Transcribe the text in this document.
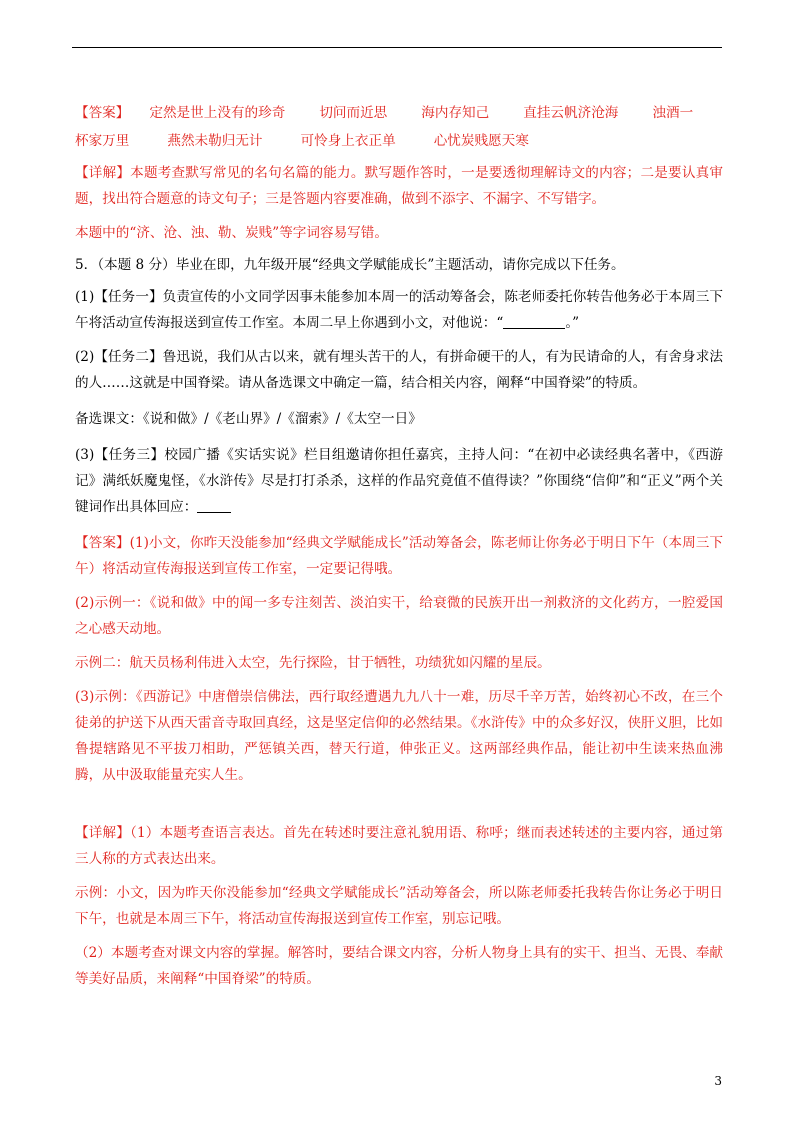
【答案】 定然是世上没有的珍奇	切问而近思	海内存知己	直挂云帆济沧海	浊酒一
杯家万里	燕然未勒归无计	可怜身上衣正单	心忧炭贱愿天寒

【详解】本题考查默写常见的名句名篇的能力。默写题作答时，一是要透彻理解诗文的内容；二是要认真审题，找出符合题意的诗文句子；三是答题内容要准确，做到不添字、不漏字、不写错字。

本题中的“济、沧、浊、勒、炭贱”等字词容易写错。

5．（本题 8 分）毕业在即，九年级开展“经典文学赋能成长”主题活动，请你完成以下任务。

(1)【任务一】负责宣传的小文同学因事未能参加本周一的活动筹备会，陈老师委托你转告他务必于本周三下午将活动宣传海报送到宣传工作室。本周二早上你遇到小文，对他说：“	。”

(2)【任务二】鲁迅说，我们从古以来，就有埋头苦干的人，有拼命硬干的人，有为民请命的人，有舍身求法的人……这就是中国脊梁。请从备选课文中确定一篇，结合相关内容，阐释“中国脊梁”的特质。

备选课文：《说和做》/《老山界》/《溜索》/《太空一日》

(3)【任务三】校园广播《实话实说》栏目组邀请你担任嘉宾，主持人问：“在初中必读经典名著中，《西游记》满纸妖魔鬼怪，《水浒传》尽是打打杀杀，这样的作品究竟值不值得读？”你围绕“信仰”和“正义”两个关键词作出具体回应：

【答案】(1)小文，你昨天没能参加“经典文学赋能成长”活动筹备会，陈老师让你务必于明日下午（本周三下午）将活动宣传海报送到宣传工作室，一定要记得哦。

(2)示例一：《说和做》中的闻一多专注刻苦、淡泊实干，给衰微的民族开出一剂救济的文化药方，一腔爱国之心感天动地。

示例二：航天员杨利伟进入太空，先行探险，甘于牺牲，功绩犹如闪耀的星辰。

(3)示例：《西游记》中唐僧崇信佛法，西行取经遭遇九九八十一难，历尽千辛万苦，始终初心不改，在三个徒弟的护送下从西天雷音寺取回真经，这是坚定信仰的必然结果。《水浒传》中的众多好汉，侠肝义胆，比如鲁提辖路见不平拔刀相助，严惩镇关西，替天行道，伸张正义。这两部经典作品，能让初中生读来热血沸腾，从中汲取能量充实人生。

【详解】（1）本题考查语言表达。首先在转述时要注意礼貌用语、称呼；继而表述转述的主要内容，通过第三人称的方式表达出来。

示例：小文，因为昨天你没能参加“经典文学赋能成长”活动筹备会，所以陈老师委托我转告你让务必于明日下午，也就是本周三下午，将活动宣传海报送到宣传工作室，别忘记哦。

（2）本题考查对课文内容的掌握。解答时，要结合课文内容，分析人物身上具有的实干、担当、无畏、奉献等美好品质，来阐释“中国脊梁”的特质。

3
